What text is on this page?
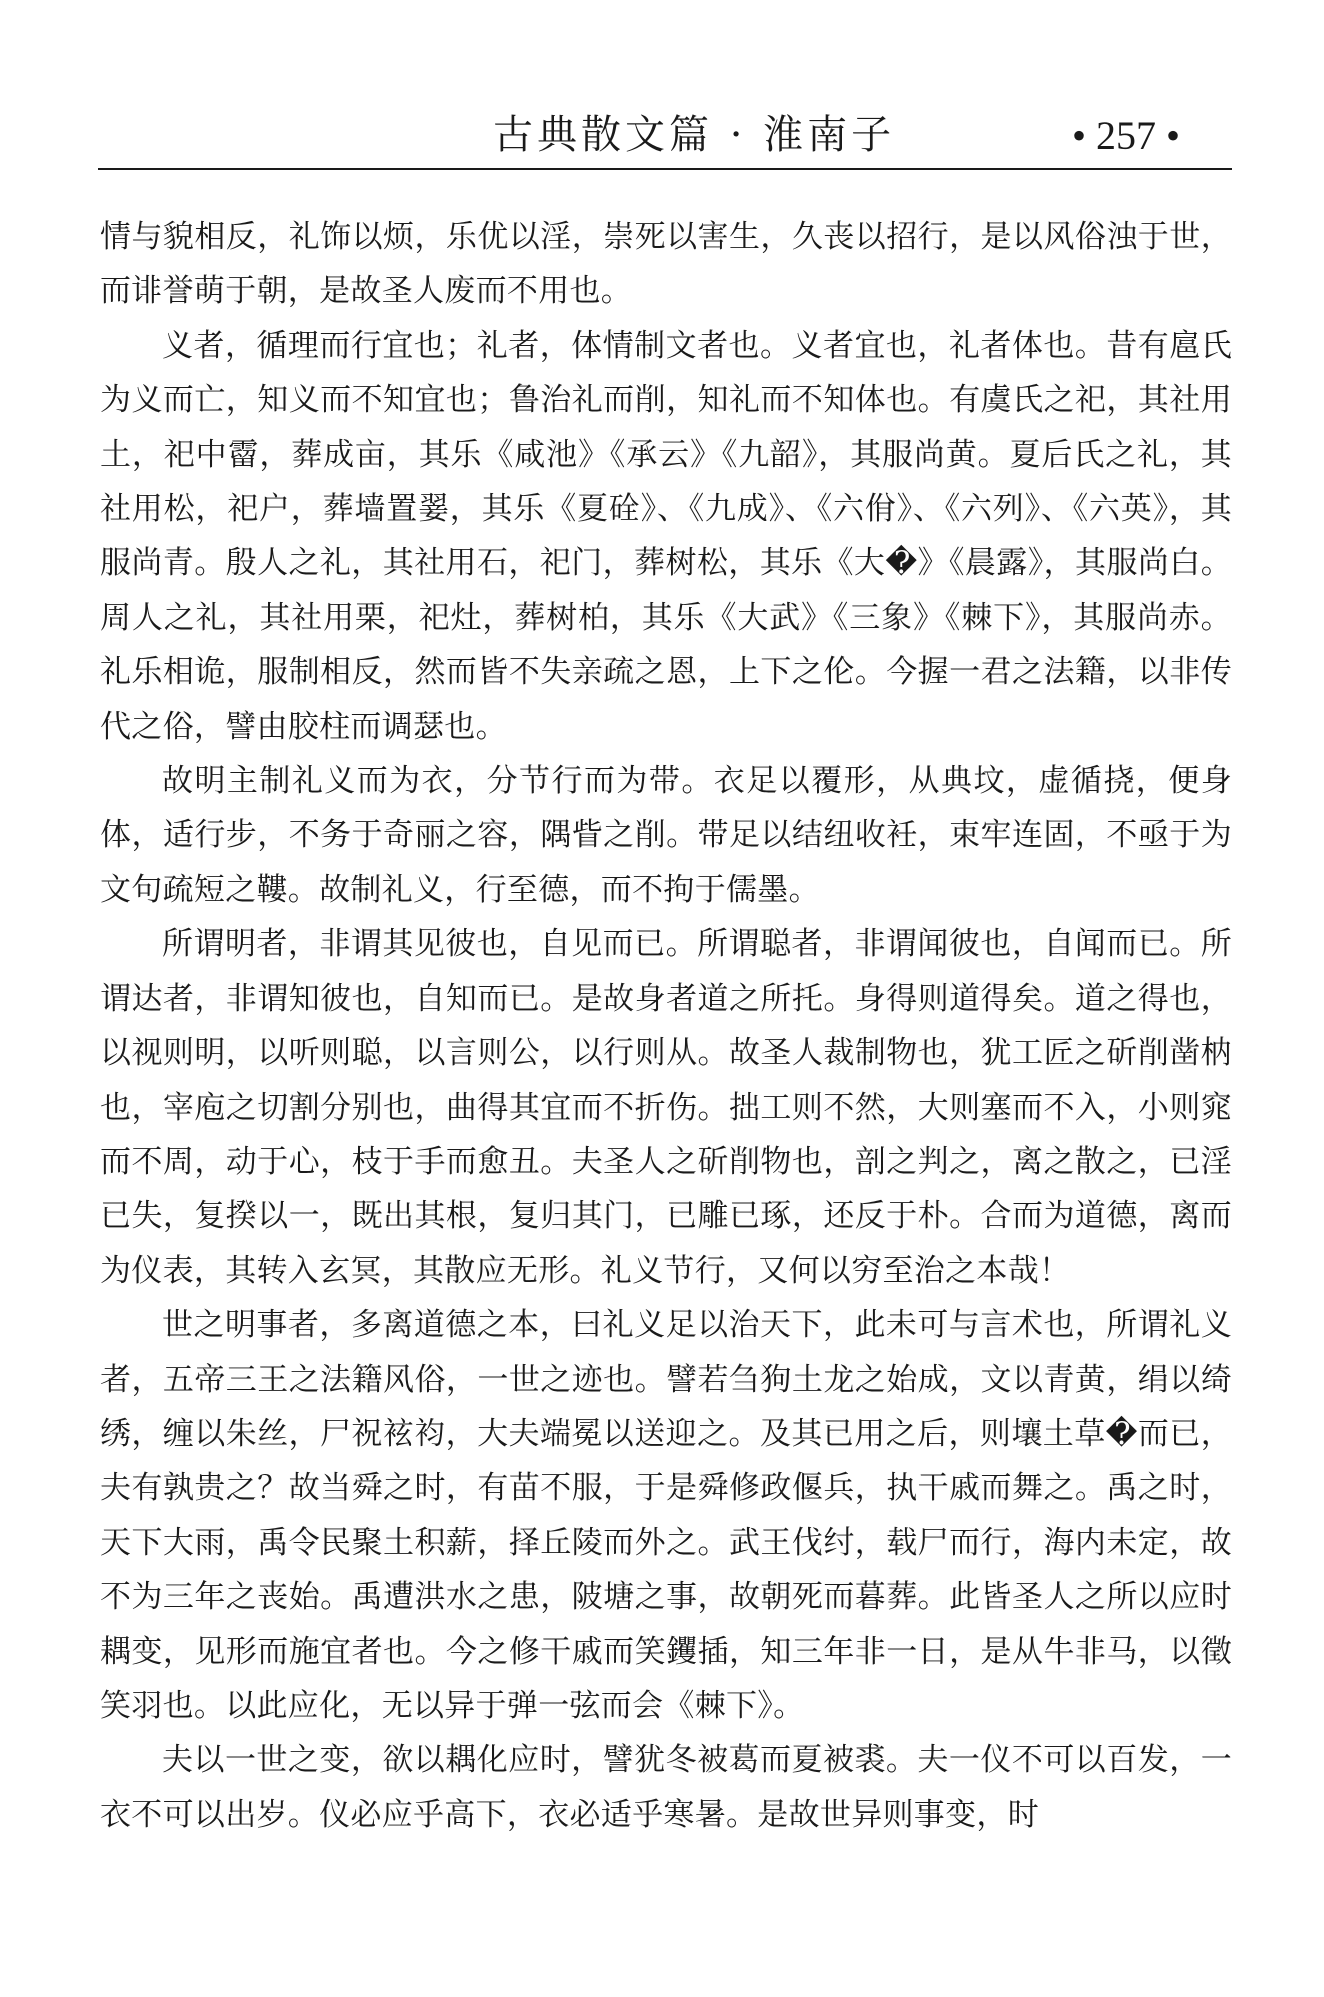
古典散文篇 · 淮南子	• 257 •

情与貌相反，礼饰以烦，乐优以淫，崇死以害生，久丧以招行，是以风俗浊于世，而诽誉萌于朝，是故圣人废而不用也。

义者，循理而行宜也；礼者，体情制文者也。义者宜也，礼者体也。昔有扈氏为义而亡，知义而不知宜也；鲁治礼而削，知礼而不知体也。有虞氏之祀，其社用土，祀中霤，葬成亩，其乐《咸池》《承云》《九韶》，其服尚黄。夏后氏之礼，其社用松，祀户，葬墙置翣，其乐《夏硂》、《九成》、《六佾》、《六列》、《六英》，其服尚青。殷人之礼，其社用石，祀门，葬树松，其乐《大�》《晨露》，其服尚白。周人之礼，其社用栗，祀灶，葬树柏，其乐《大武》《三象》《棘下》，其服尚赤。礼乐相诡，服制相反，然而皆不失亲疏之恩，上下之伦。今握一君之法籍，以非传代之俗，譬由胶柱而调瑟也。

故明主制礼义而为衣，分节行而为带。衣足以覆形，从典坟，虚循挠，便身体，适行步，不务于奇丽之容，隅眥之削。带足以结纽收衽，束牢连固，不亟于为文句疏短之鞻。故制礼义，行至德，而不拘于儒墨。

所谓明者，非谓其见彼也，自见而已。所谓聪者，非谓闻彼也，自闻而已。所谓达者，非谓知彼也，自知而已。是故身者道之所托。身得则道得矣。道之得也，以视则明，以听则聪，以言则公，以行则从。故圣人裁制物也，犹工匠之斫削凿枘也，宰庖之切割分别也，曲得其宜而不折伤。拙工则不然，大则塞而不入，小则窕而不周，动于心，枝于手而愈丑。夫圣人之斫削物也，剖之判之，离之散之，已淫已失，复揆以一，既出其根，复归其门，已雕已琢，还反于朴。合而为道德，离而为仪表，其转入玄冥，其散应无形。礼义节行，又何以穷至治之本哉！

世之明事者，多离道德之本，曰礼义足以治天下，此未可与言术也，所谓礼义者，五帝三王之法籍风俗，一世之迹也。譬若刍狗土龙之始成，文以青黄，绢以绮绣，缠以朱丝，尸祝袨袀，大夫端冕以送迎之。及其已用之后，则壤土草�而已，夫有孰贵之？故当舜之时，有苗不服，于是舜修政偃兵，执干戚而舞之。禹之时，天下大雨，禹令民聚土积薪，择丘陵而外之。武王伐纣，载尸而行，海内未定，故不为三年之丧始。禹遭洪水之患，陂塘之事，故朝死而暮葬。此皆圣人之所以应时耦变，见形而施宜者也。今之修干戚而笑钁插，知三年非一日，是从牛非马，以徵笑羽也。以此应化，无以异于弹一弦而会《棘下》。

夫以一世之变，欲以耦化应时，譬犹冬被葛而夏被裘。夫一仪不可以百发，一衣不可以出岁。仪必应乎高下，衣必适乎寒暑。是故世异则事变，时
